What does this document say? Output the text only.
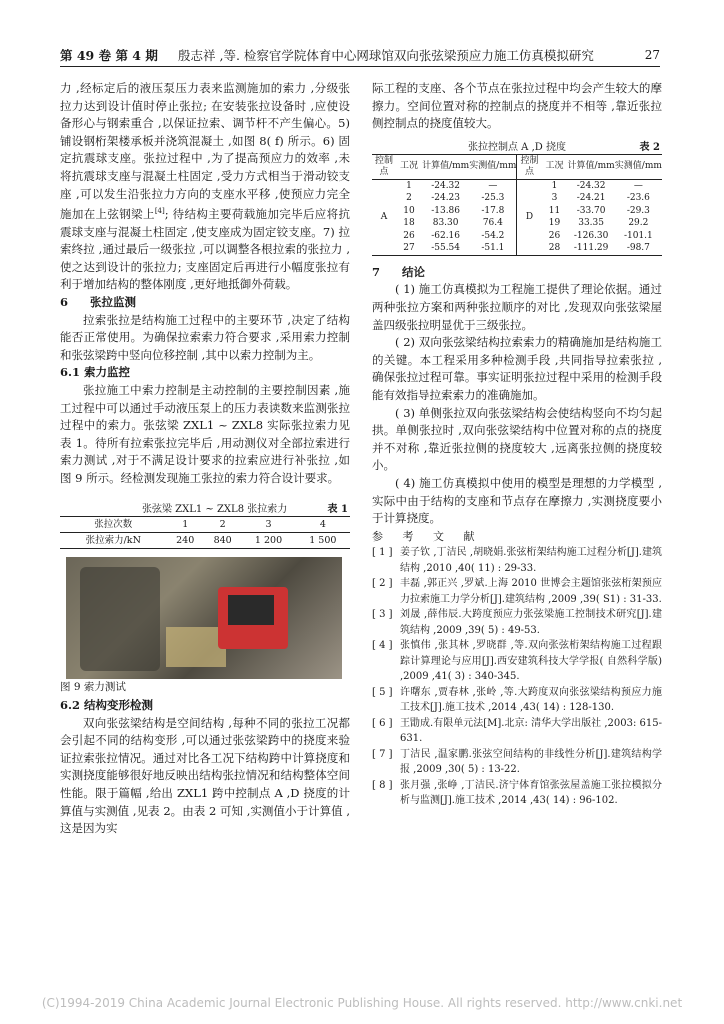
第 49 卷 第 4 期 殷志祥 ,等. 检察官学院体育中心网球馆双向张弦梁预应力施工仿真模拟研究	27

力 ,经标定后的液压泵压力表来监测施加的索力 ,分级张拉力达到设计值时停止张拉; 在安装张拉设备时 ,应使设备形心与钢索重合 ,以保证拉索、调节杆不产生偏心。5) 铺设钢桁架楼承板并浇筑混凝土 ,如图 8( f) 所示。6) 固定抗震球支座。张拉过程中 ,为了提高预应力的效率 ,未将抗震球支座与混凝土柱固定 ,受力方式相当于滑动铰支座 ,可以发生沿张拉力方向的支座水平移 ,使预应力完全施加在上弦钢梁上[4]; 待结构主要荷载施加完毕后应将抗震球支座与混凝土柱固定 ,使支座成为固定铰支座。7) 拉索终拉 ,通过最后一级张拉 ,可以调整各根拉索的张拉力 ,使之达到设计的张拉力; 支座固定后再进行小幅度张拉有利于增加结构的整体刚度 ,更好地抵御外荷载。

6 张拉监测

拉索张拉是结构施工过程中的主要环节 ,决定了结构能否正常使用。为确保拉索索力符合要求 ,采用索力控制和张弦梁跨中竖向位移控制 ,其中以索力控制为主。

6.1 索力监控

张拉施工中索力控制是主动控制的主要控制因素 ,施工过程中可以通过手动液压泵上的压力表读数来监测张拉过程中的索力。张弦梁 ZXL1 ~ ZXL8 实际张拉索力见表 1。待所有拉索张拉完毕后 ,用动测仪对全部拉索进行索力测试 ,对于不满足设计要求的拉索应进行补张拉 ,如图 9 所示。经检测发现施工张拉的索力符合设计要求。

张弦梁 ZXL1 ~ ZXL8 张拉索力	表 1
张拉次数	1	2	3	4
张拉索力/kN	240	840	1 200	1 500

图 9 索力测试

6.2 结构变形检测

双向张弦梁结构是空间结构 ,每种不同的张拉工况都会引起不同的结构变形 ,可以通过张弦梁跨中的挠度来验证拉索张拉情况。通过对比各工况下结构跨中计算挠度和实测挠度能够很好地反映出结构张拉情况和结构整体空间性能。限于篇幅 ,给出 ZXL1 跨中控制点 A ,D 挠度的计算值与实测值 ,见表 2。由表 2 可知 ,实测值小于计算值 ,这是因为实

际工程的支座、各个节点在张拉过程中均会产生较大的摩擦力。空间位置对称的控制点的挠度并不相等 ,靠近张拉侧控制点的挠度值较大。

张拉控制点 A ,D 挠度	表 2
控制点	工况	计算值/mm	实测值/mm	控制点	工况	计算值/mm	实测值/mm
A	1	-24.32	—	D	1	-24.32	—
	2	-24.23	-25.3		3	-24.21	-23.6
	10	-13.86	-17.8		11	-33.70	-29.3
	18	83.30	76.4		19	33.35	29.2
	26	-62.16	-54.2		26	-126.30	-101.1
	27	-55.54	-51.1		28	-111.29	-98.7

7 结论

( 1) 施工仿真模拟为工程施工提供了理论依据。通过两种张拉方案和两种张拉顺序的对比 ,发现双向张弦梁屋盖四级张拉明显优于三级张拉。

( 2) 双向张弦梁结构拉索索力的精确施加是结构施工的关键。本工程采用多种检测手段 ,共同指导拉索张拉 ,确保张拉过程可靠。事实证明张拉过程中采用的检测手段能有效指导拉索索力的准确施加。

( 3) 单侧张拉双向张弦梁结构会使结构竖向不均匀起拱。单侧张拉时 ,双向张弦梁结构中位置对称的点的挠度并不对称 ,靠近张拉侧的挠度较大 ,远离张拉侧的挠度较小。

( 4) 施工仿真模拟中使用的模型是理想的力学模型 ,实际中由于结构的支座和节点存在摩擦力 ,实测挠度要小于计算挠度。

参 考 文 献

[ 1 ] 姜子钦 ,丁洁民 ,胡晓娟.张弦桁架结构施工过程分析[J].建筑结构 ,2010 ,40( 11) : 29-33.
[ 2 ] 丰磊 ,郭正兴 ,罗斌.上海 2010 世博会主题馆张弦桁架预应力拉索施工力学分析[J].建筑结构 ,2009 ,39( S1) : 31-33.
[ 3 ] 刘晟 ,薛伟辰.大跨度预应力张弦梁施工控制技术研究[J].建筑结构 ,2009 ,39( 5) : 49-53.
[ 4 ] 张慎伟 ,张其林 ,罗晓群 ,等.双向张弦桁架结构施工过程跟踪计算理论与应用[J].西安建筑科技大学学报( 自然科学版) ,2009 ,41( 3) : 340-345.
[ 5 ] 许曙东 ,贾春林 ,张岭 ,等.大跨度双向张弦梁结构预应力施工技术[J].施工技术 ,2014 ,43( 14) : 128-130.
[ 6 ] 王勖成.有限单元法[M].北京: 清华大学出版社 ,2003: 615-631.
[ 7 ] 丁洁民 ,温家鹏.张弦空间结构的非线性分析[J].建筑结构学报 ,2009 ,30( 5) : 13-22.
[ 8 ] 张月强 ,张峥 ,丁洁民.济宁体育馆张弦屋盖施工张拉模拟分析与监测[J].施工技术 ,2014 ,43( 14) : 96-102.
(C)1994-2019 China Academic Journal Electronic Publishing House. All rights reserved. http://www.cnki.net
